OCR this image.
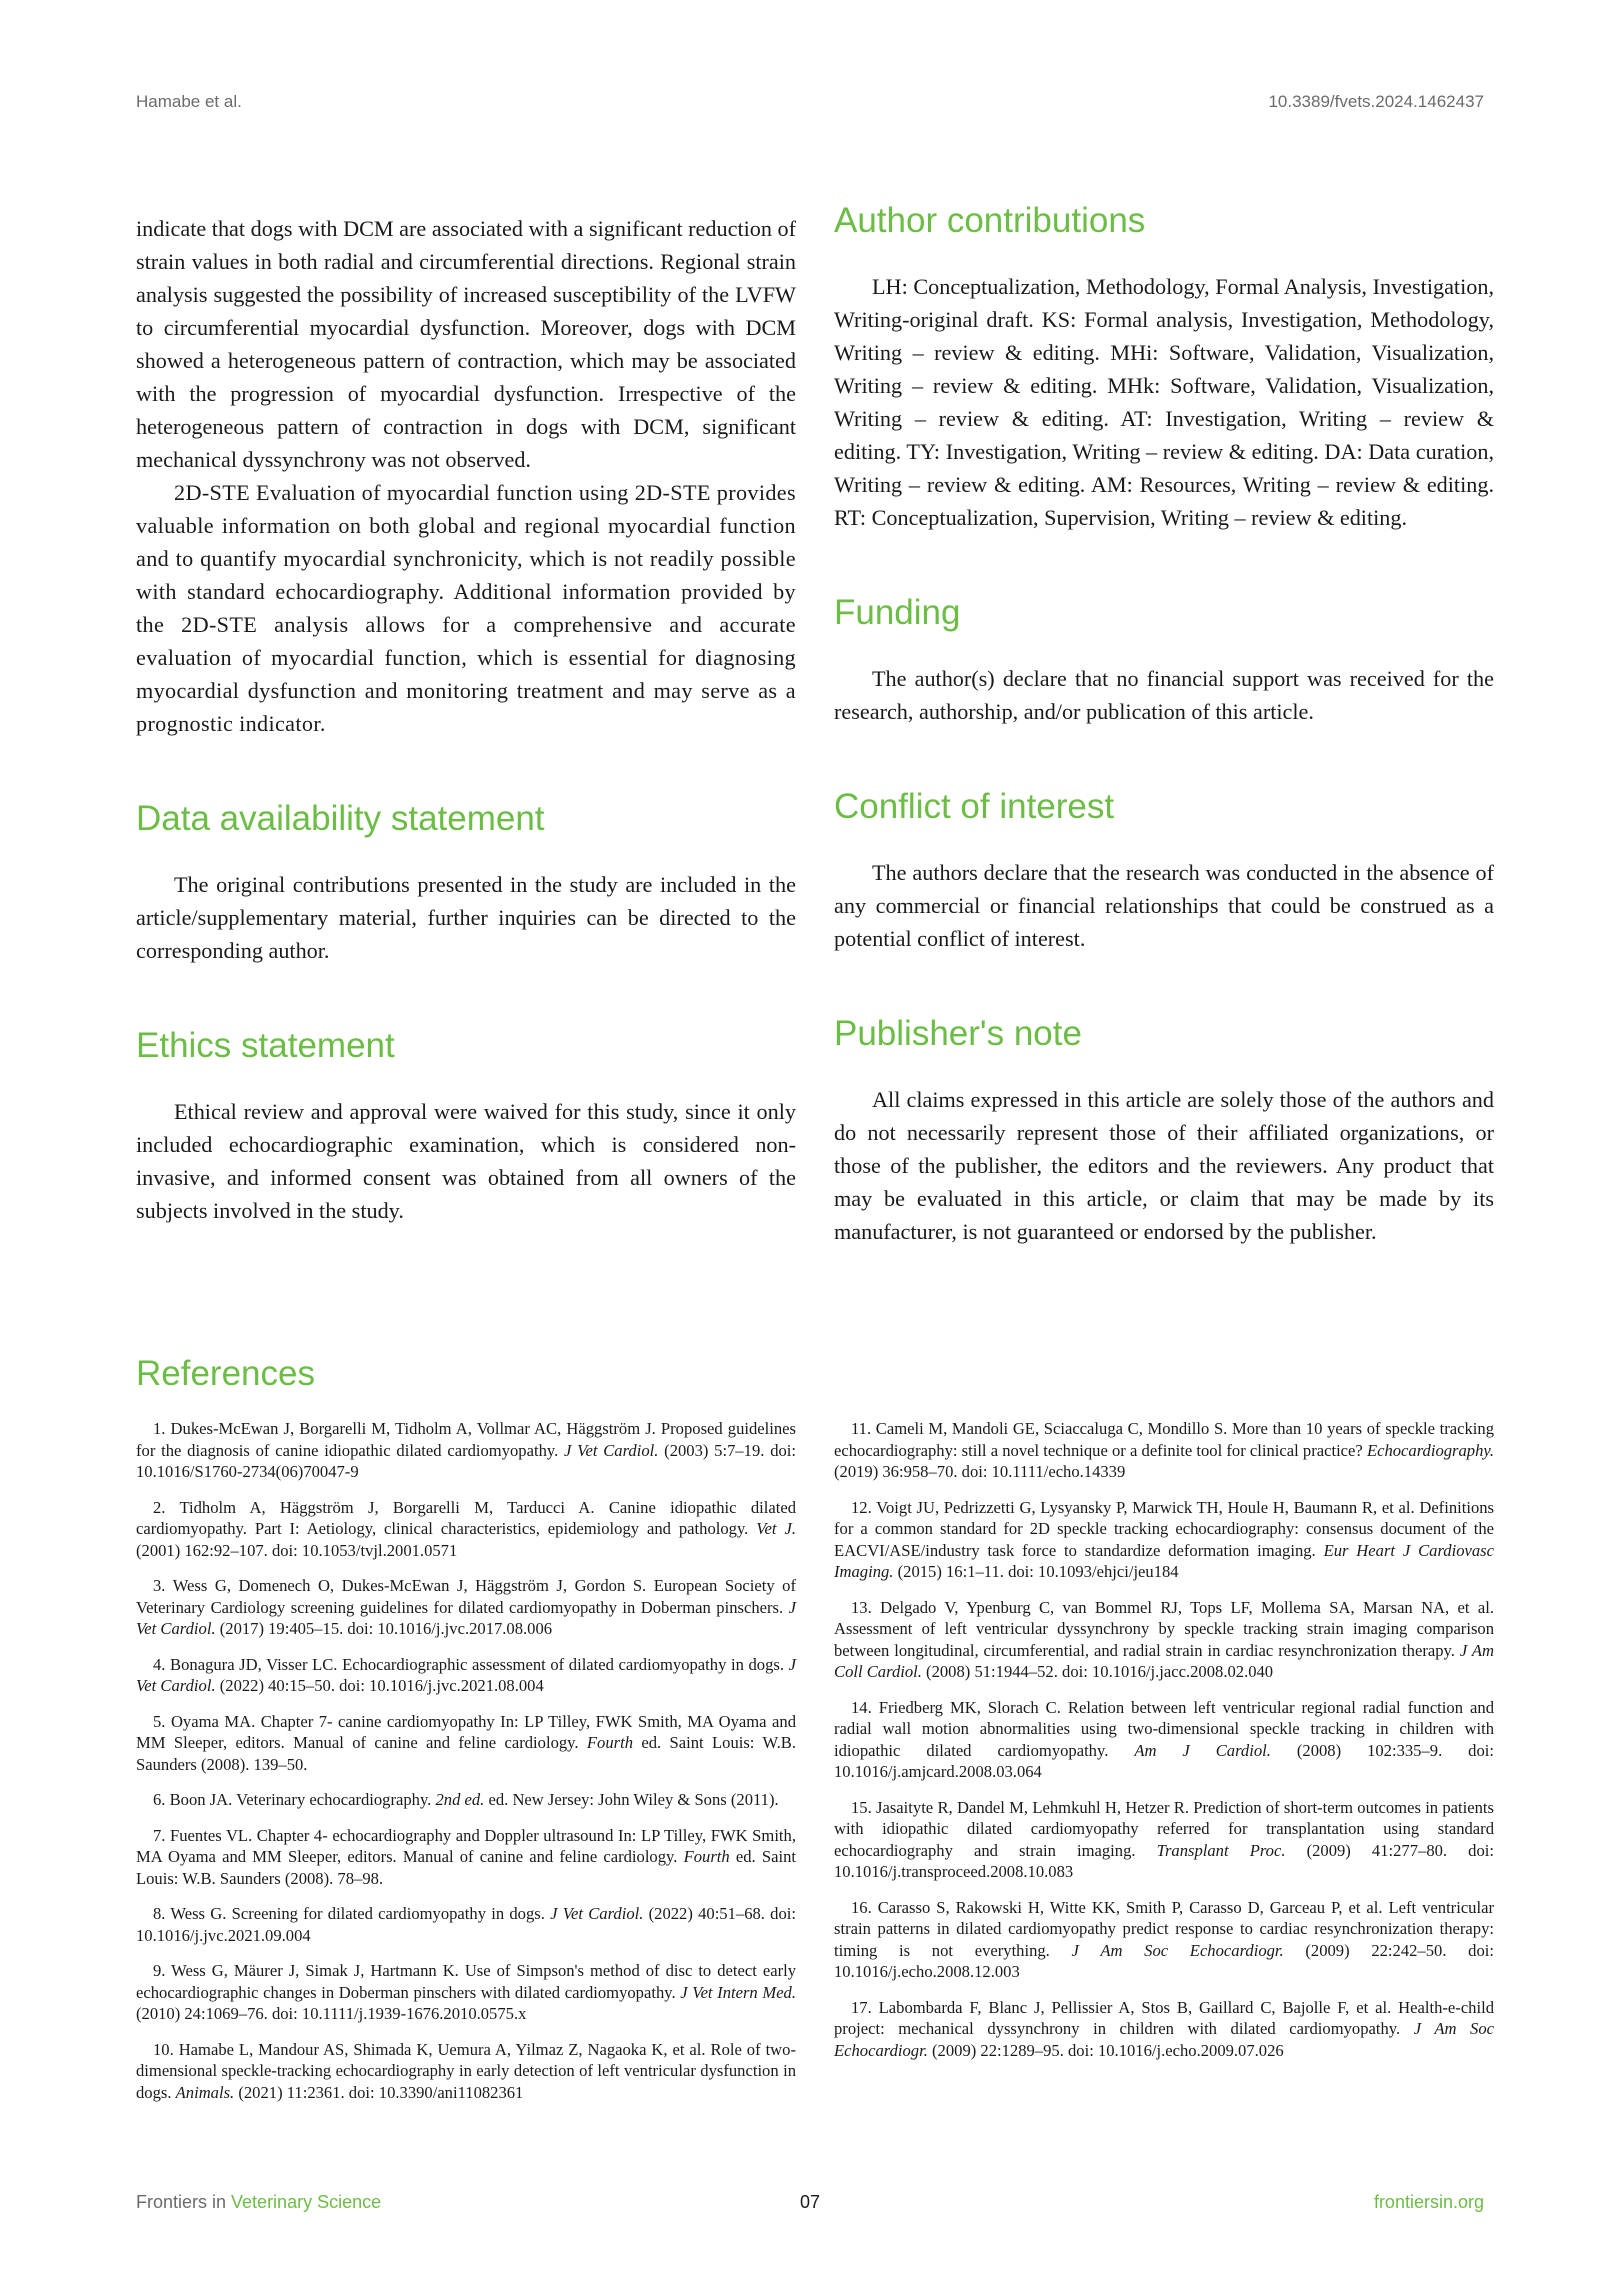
Hamabe et al.	10.3389/fvets.2024.1462437

indicate that dogs with DCM are associated with a significant reduction of strain values in both radial and circumferential directions. Regional strain analysis suggested the possibility of increased susceptibility of the LVFW to circumferential myocardial dysfunction. Moreover, dogs with DCM showed a heterogeneous pattern of contraction, which may be associated with the progression of myocardial dysfunction. Irrespective of the heterogeneous pattern of contraction in dogs with DCM, significant mechanical dyssynchrony was not observed.

2D-STE Evaluation of myocardial function using 2D-STE provides valuable information on both global and regional myocardial function and to quantify myocardial synchronicity, which is not readily possible with standard echocardiography. Additional information provided by the 2D-STE analysis allows for a comprehensive and accurate evaluation of myocardial function, which is essential for diagnosing myocardial dysfunction and monitoring treatment and may serve as a prognostic indicator.

Data availability statement

The original contributions presented in the study are included in the article/supplementary material, further inquiries can be directed to the corresponding author.

Ethics statement

Ethical review and approval were waived for this study, since it only included echocardiographic examination, which is considered non-invasive, and informed consent was obtained from all owners of the subjects involved in the study.

Author contributions

LH: Conceptualization, Methodology, Formal Analysis, Investigation, Writing-original draft. KS: Formal analysis, Investigation, Methodology, Writing – review & editing. MHi: Software, Validation, Visualization, Writing – review & editing. MHk: Software, Validation, Visualization, Writing – review & editing. AT: Investigation, Writing – review & editing. TY: Investigation, Writing – review & editing. DA: Data curation, Writing – review & editing. AM: Resources, Writing – review & editing. RT: Conceptualization, Supervision, Writing – review & editing.

Funding

The author(s) declare that no financial support was received for the research, authorship, and/or publication of this article.

Conflict of interest

The authors declare that the research was conducted in the absence of any commercial or financial relationships that could be construed as a potential conflict of interest.

Publisher's note

All claims expressed in this article are solely those of the authors and do not necessarily represent those of their affiliated organizations, or those of the publisher, the editors and the reviewers. Any product that may be evaluated in this article, or claim that may be made by its manufacturer, is not guaranteed or endorsed by the publisher.

References

1. Dukes-McEwan J, Borgarelli M, Tidholm A, Vollmar AC, Häggström J. Proposed guidelines for the diagnosis of canine idiopathic dilated cardiomyopathy. J Vet Cardiol. (2003) 5:7–19. doi: 10.1016/S1760-2734(06)70047-9

2. Tidholm A, Häggström J, Borgarelli M, Tarducci A. Canine idiopathic dilated cardiomyopathy. Part I: Aetiology, clinical characteristics, epidemiology and pathology. Vet J. (2001) 162:92–107. doi: 10.1053/tvjl.2001.0571

3. Wess G, Domenech O, Dukes-McEwan J, Häggström J, Gordon S. European Society of Veterinary Cardiology screening guidelines for dilated cardiomyopathy in Doberman pinschers. J Vet Cardiol. (2017) 19:405–15. doi: 10.1016/j.jvc.2017.08.006

4. Bonagura JD, Visser LC. Echocardiographic assessment of dilated cardiomyopathy in dogs. J Vet Cardiol. (2022) 40:15–50. doi: 10.1016/j.jvc.2021.08.004

5. Oyama MA. Chapter 7- canine cardiomyopathy In: LP Tilley, FWK Smith, MA Oyama and MM Sleeper, editors. Manual of canine and feline cardiology. Fourth ed. Saint Louis: W.B. Saunders (2008). 139–50.

6. Boon JA. Veterinary echocardiography. 2nd ed. ed. New Jersey: John Wiley & Sons (2011).

7. Fuentes VL. Chapter 4- echocardiography and Doppler ultrasound In: LP Tilley, FWK Smith, MA Oyama and MM Sleeper, editors. Manual of canine and feline cardiology. Fourth ed. Saint Louis: W.B. Saunders (2008). 78–98.

8. Wess G. Screening for dilated cardiomyopathy in dogs. J Vet Cardiol. (2022) 40:51–68. doi: 10.1016/j.jvc.2021.09.004

9. Wess G, Mäurer J, Simak J, Hartmann K. Use of Simpson's method of disc to detect early echocardiographic changes in Doberman pinschers with dilated cardiomyopathy. J Vet Intern Med. (2010) 24:1069–76. doi: 10.1111/j.1939-1676.2010.0575.x

10. Hamabe L, Mandour AS, Shimada K, Uemura A, Yilmaz Z, Nagaoka K, et al. Role of two-dimensional speckle-tracking echocardiography in early detection of left ventricular dysfunction in dogs. Animals. (2021) 11:2361. doi: 10.3390/ani11082361

11. Cameli M, Mandoli GE, Sciaccaluga C, Mondillo S. More than 10 years of speckle tracking echocardiography: still a novel technique or a definite tool for clinical practice? Echocardiography. (2019) 36:958–70. doi: 10.1111/echo.14339

12. Voigt JU, Pedrizzetti G, Lysyansky P, Marwick TH, Houle H, Baumann R, et al. Definitions for a common standard for 2D speckle tracking echocardiography: consensus document of the EACVI/ASE/industry task force to standardize deformation imaging. Eur Heart J Cardiovasc Imaging. (2015) 16:1–11. doi: 10.1093/ehjci/jeu184

13. Delgado V, Ypenburg C, van Bommel RJ, Tops LF, Mollema SA, Marsan NA, et al. Assessment of left ventricular dyssynchrony by speckle tracking strain imaging comparison between longitudinal, circumferential, and radial strain in cardiac resynchronization therapy. J Am Coll Cardiol. (2008) 51:1944–52. doi: 10.1016/j.jacc.2008.02.040

14. Friedberg MK, Slorach C. Relation between left ventricular regional radial function and radial wall motion abnormalities using two-dimensional speckle tracking in children with idiopathic dilated cardiomyopathy. Am J Cardiol. (2008) 102:335–9. doi: 10.1016/j.amjcard.2008.03.064

15. Jasaityte R, Dandel M, Lehmkuhl H, Hetzer R. Prediction of short-term outcomes in patients with idiopathic dilated cardiomyopathy referred for transplantation using standard echocardiography and strain imaging. Transplant Proc. (2009) 41:277–80. doi: 10.1016/j.transproceed.2008.10.083

16. Carasso S, Rakowski H, Witte KK, Smith P, Carasso D, Garceau P, et al. Left ventricular strain patterns in dilated cardiomyopathy predict response to cardiac resynchronization therapy: timing is not everything. J Am Soc Echocardiogr. (2009) 22:242–50. doi: 10.1016/j.echo.2008.12.003

17. Labombarda F, Blanc J, Pellissier A, Stos B, Gaillard C, Bajolle F, et al. Health-e-child project: mechanical dyssynchrony in children with dilated cardiomyopathy. J Am Soc Echocardiogr. (2009) 22:1289–95. doi: 10.1016/j.echo.2009.07.026

Frontiers in Veterinary Science	07	frontiersin.org
